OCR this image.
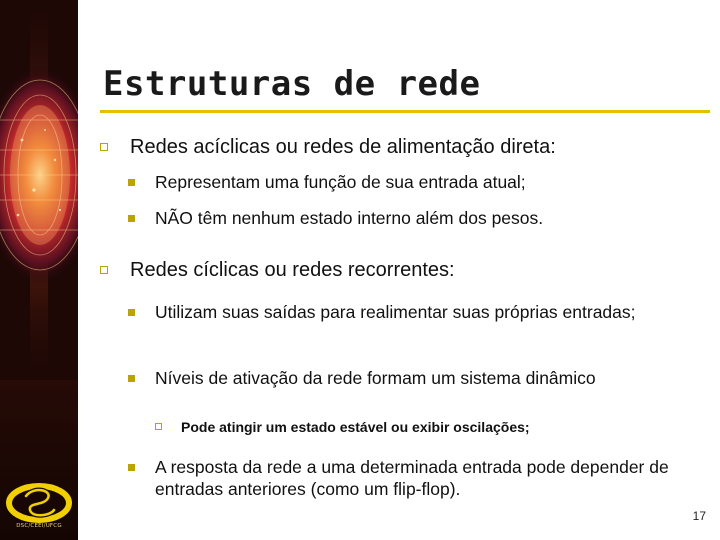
DSC/CEEI/UFCG
Estruturas de rede
Redes acíclicas ou redes de alimentação direta:
Representam uma função de sua entrada atual;
NÃO têm nenhum estado interno além dos pesos.
Redes cíclicas ou redes recorrentes:
Utilizam suas saídas para realimentar suas próprias entradas;
Níveis de ativação da rede formam um sistema dinâmico
Pode atingir um estado estável ou exibir oscilações;
A resposta da rede a uma determinada entrada pode depender de entradas anteriores (como um flip-flop).
17
